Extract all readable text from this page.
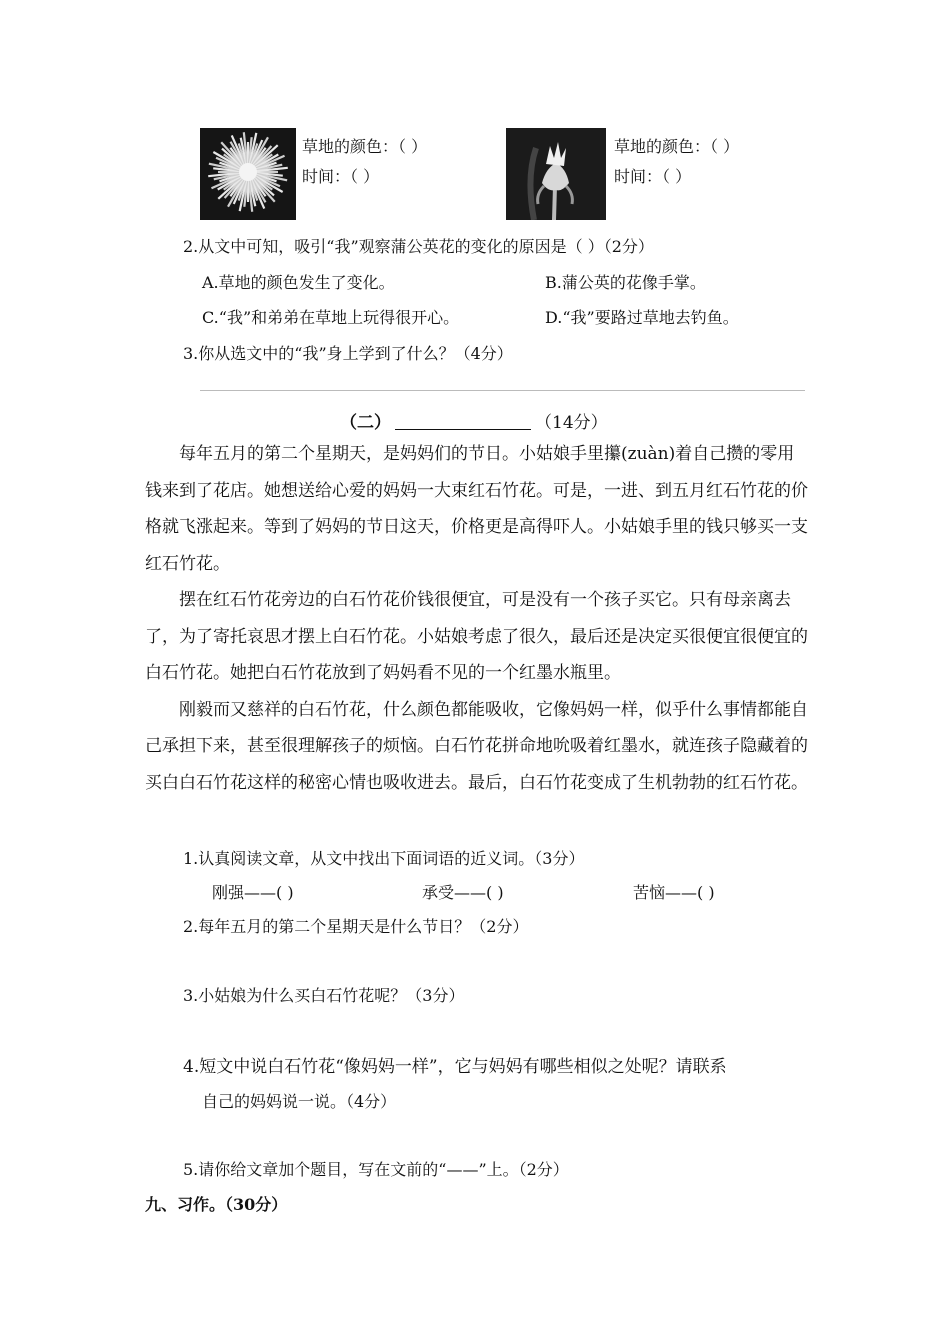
草地的颜色：（ ）
时间：（ ）
草地的颜色：（ ）
时间：（ ）
2.从文中可知，吸引“我”观察蒲公英花的变化的原因是（ ）（2分）
A.草地的颜色发生了变化。	B.蒲公英的花像手掌。
C.“我”和弟弟在草地上玩得很开心。	D.“我”要路过草地去钓鱼。
3.你从选文中的“我”身上学到了什么？（4分）
（二）	（14分）

每年五月的第二个星期天，是妈妈们的节日。小姑娘手里攥(zuàn)着自己攒的零用钱来到了花店。她想送给心爱的妈妈一大束红石竹花。可是，一进、到五月红石竹花的价格就飞涨起来。等到了妈妈的节日这天，价格更是高得吓人。小姑娘手里的钱只够买一支红石竹花。

摆在红石竹花旁边的白石竹花价钱很便宜，可是没有一个孩子买它。只有母亲离去了，为了寄托哀思才摆上白石竹花。小姑娘考虑了很久，最后还是决定买很便宜很便宜的白石竹花。她把白石竹花放到了妈妈看不见的一个红墨水瓶里。

刚毅而又慈祥的白石竹花，什么颜色都能吸收，它像妈妈一样，似乎什么事情都能自己承担下来，甚至很理解孩子的烦恼。白石竹花拼命地吮吸着红墨水，就连孩子隐藏着的买白白石竹花这样的秘密心情也吸收进去。最后，白石竹花变成了生机勃勃的红石竹花。

1.认真阅读文章，从文中找出下面词语的近义词。（3分）
刚强——( )	承受——( )	苦恼——( )
2.每年五月的第二个星期天是什么节日？（2分）
3.小姑娘为什么买白石竹花呢？（3分）
4.短文中说白石竹花“像妈妈一样”，它与妈妈有哪些相似之处呢？请联系
自己的妈妈说一说。（4分）
5.请你给文章加个题目，写在文前的“——”上。（2分）
九、习作。（30分）
